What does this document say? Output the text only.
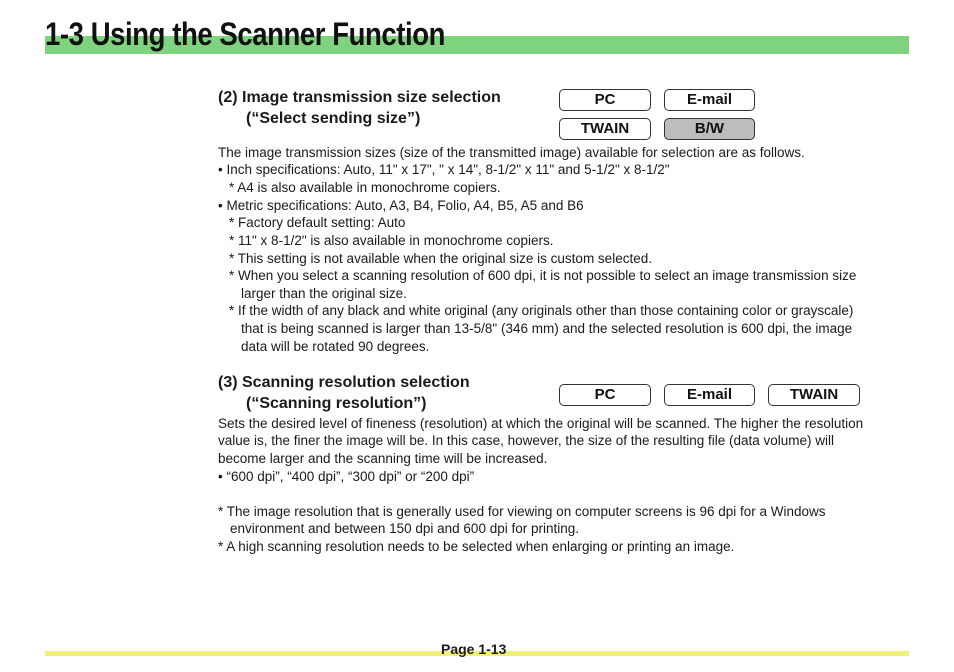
1-3 Using the Scanner Function
(2) Image transmission size selection
(“Select sending size”)
PC	E-mail
TWAIN	B/W
The image transmission sizes (size of the transmitted image) available for selection are as follows.
• Inch specifications: Auto, 11" x 17", " x 14", 8-1/2" x 11" and 5-1/2" x 8-1/2"
* A4 is also available in monochrome copiers.
• Metric specifications: Auto, A3, B4, Folio, A4, B5, A5 and B6
* Factory default setting: Auto
* 11" x 8-1/2" is also available in monochrome copiers.
* This setting is not available when the original size is custom selected.
* When you select a scanning resolution of 600 dpi, it is not possible to select an image transmission size
larger than the original size.
* If the width of any black and white original (any originals other than those containing color or grayscale)
that is being scanned is larger than 13-5/8" (346 mm) and the selected resolution is 600 dpi, the image
data will be rotated 90 degrees.
(3) Scanning resolution selection
(“Scanning resolution”)
PC	E-mail	TWAIN
Sets the desired level of fineness (resolution) at which the original will be scanned. The higher the resolution
value is, the finer the image will be. In this case, however, the size of the resulting file (data volume) will
become larger and the scanning time will be increased.
• “600 dpi”, “400 dpi”, “300 dpi” or “200 dpi”
* The image resolution that is generally used for viewing on computer screens is 96 dpi for a Windows
environment and between 150 dpi and 600 dpi for printing.
* A high scanning resolution needs to be selected when enlarging or printing an image.
Page 1-13
